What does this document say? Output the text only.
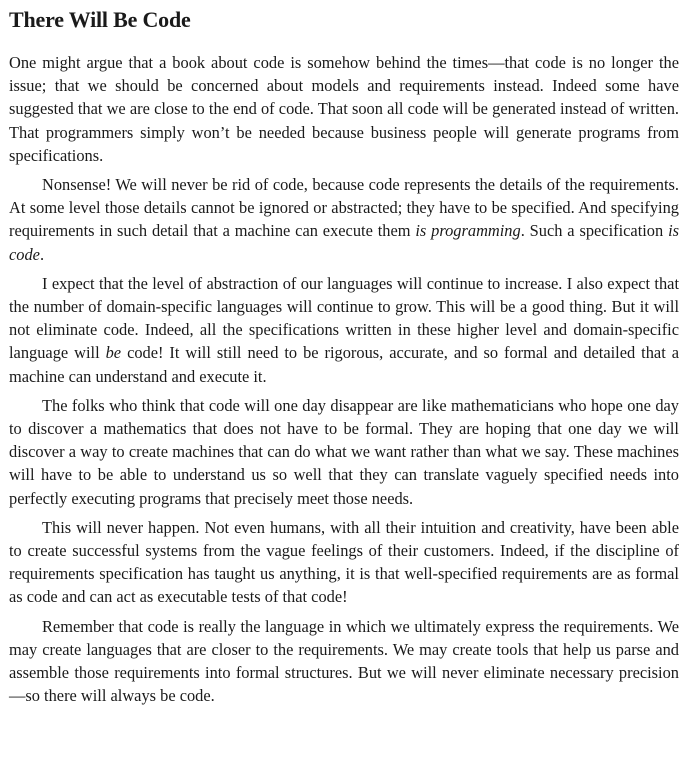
There Will Be Code

One might argue that a book about code is somehow behind the times—that code is no longer the issue; that we should be concerned about models and requirements instead. Indeed some have suggested that we are close to the end of code. That soon all code will be generated instead of written. That programmers simply won’t be needed because business people will generate programs from specifications.

Nonsense! We will never be rid of code, because code represents the details of the requirements. At some level those details cannot be ignored or abstracted; they have to be specified. And specifying requirements in such detail that a machine can execute them is programming. Such a specification is code.

I expect that the level of abstraction of our languages will continue to increase. I also expect that the number of domain-specific languages will continue to grow. This will be a good thing. But it will not eliminate code. Indeed, all the specifications written in these higher level and domain-specific language will be code! It will still need to be rigorous, accurate, and so formal and detailed that a machine can understand and execute it.

The folks who think that code will one day disappear are like mathematicians who hope one day to discover a mathematics that does not have to be formal. They are hoping that one day we will discover a way to create machines that can do what we want rather than what we say. These machines will have to be able to understand us so well that they can translate vaguely specified needs into perfectly executing programs that precisely meet those needs.

This will never happen. Not even humans, with all their intuition and creativity, have been able to create successful systems from the vague feelings of their customers. Indeed, if the discipline of requirements specification has taught us anything, it is that well-specified requirements are as formal as code and can act as executable tests of that code!

Remember that code is really the language in which we ultimately express the requirements. We may create languages that are closer to the requirements. We may create tools that help us parse and assemble those requirements into formal structures. But we will never eliminate necessary precision—so there will always be code.
